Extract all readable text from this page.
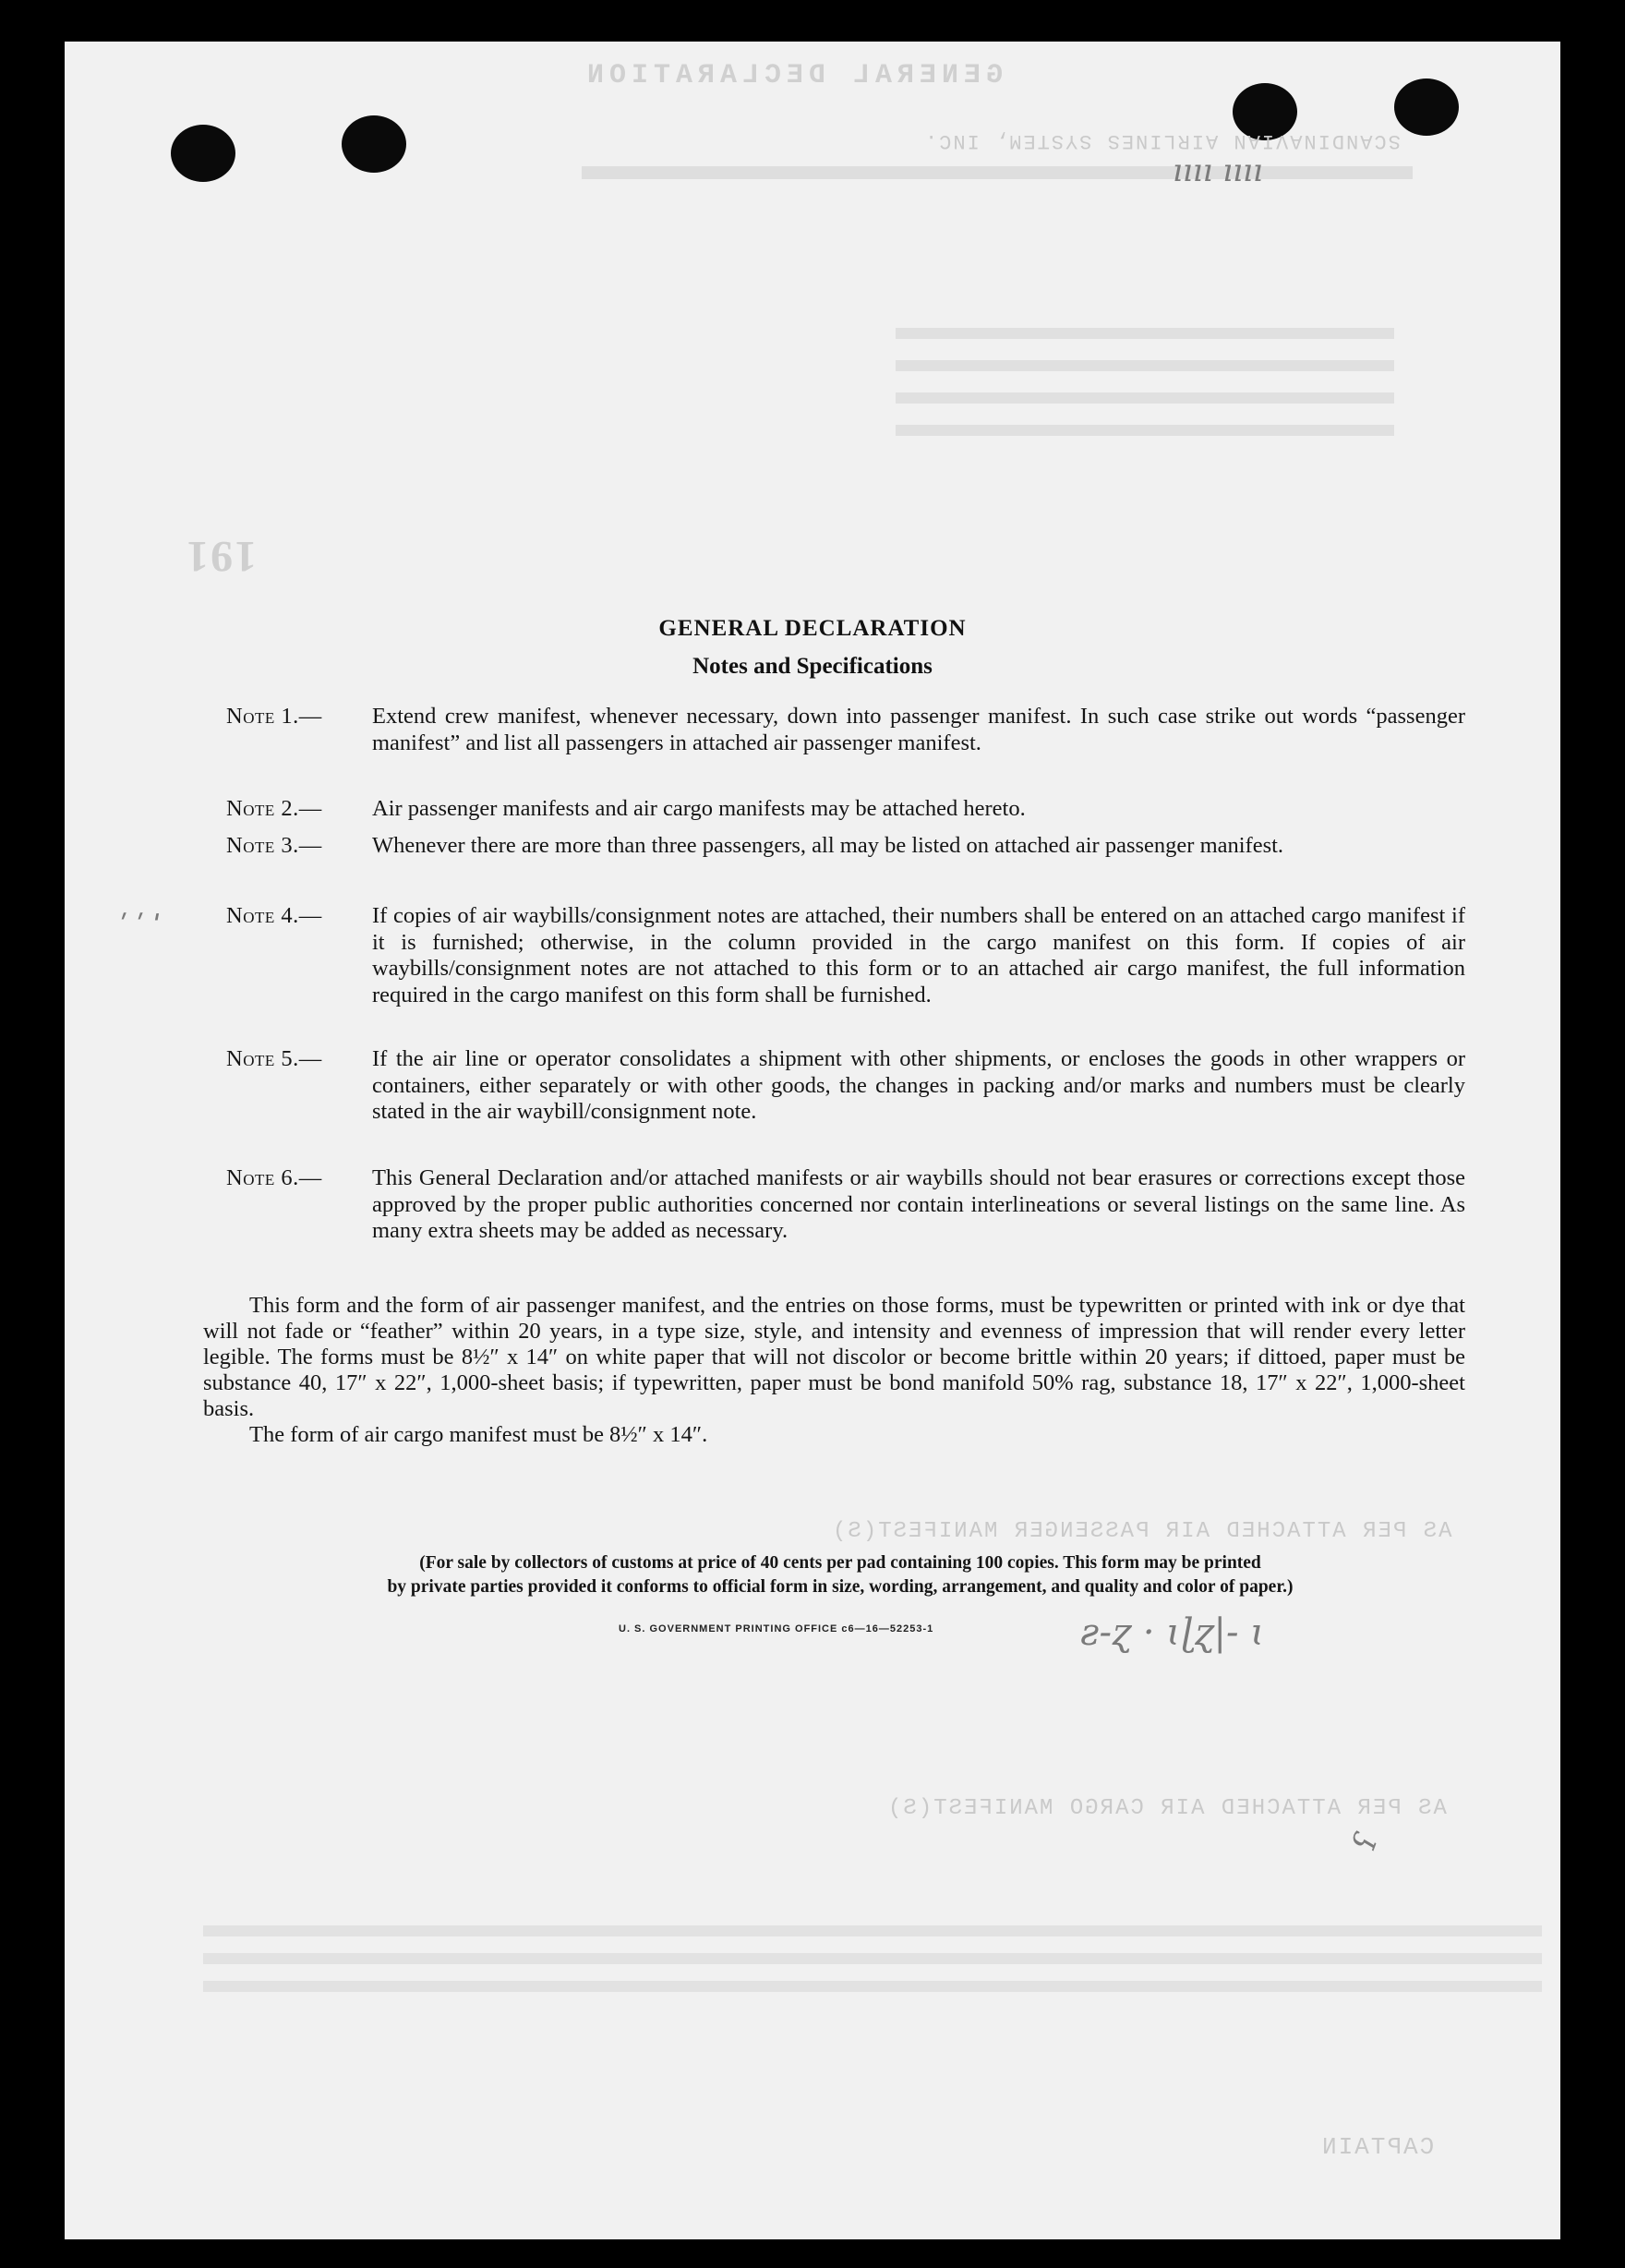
GENERAL DECLARATION
SCANDINAVIAN AIRLINES SYSTEM, INC.
191
AS PER ATTACHED AIR PASSENGER MANIFEST(S)
AS PER ATTACHED AIR CARGO MANIFEST(S)
CAPTAIN
ıııı ıııı
ʕ
ƨ-ɀ · ɩɭɀ|- ɩ
ʹ ʹ ˈ
GENERAL DECLARATION
Notes and Specifications
Note 1.— Extend crew manifest, whenever necessary, down into passenger manifest. In such case strike out words “passenger manifest” and list all passengers in attached air passenger manifest.
Note 2.— Air passenger manifests and air cargo manifests may be attached hereto.
Note 3.— Whenever there are more than three passengers, all may be listed on attached air passenger manifest.
Note 4.— If copies of air waybills/consignment notes are attached, their numbers shall be entered on an attached cargo manifest if it is furnished; otherwise, in the column provided in the cargo manifest on this form. If copies of air waybills/consignment notes are not attached to this form or to an attached air cargo manifest, the full information required in the cargo manifest on this form shall be furnished.
Note 5.— If the air line or operator consolidates a shipment with other shipments, or encloses the goods in other wrappers or containers, either separately or with other goods, the changes in packing and/or marks and numbers must be clearly stated in the air waybill/consignment note.
Note 6.— This General Declaration and/or attached manifests or air waybills should not bear erasures or corrections except those approved by the proper public authorities concerned nor contain interlineations or several listings on the same line. As many extra sheets may be added as necessary.

This form and the form of air passenger manifest, and the entries on those forms, must be typewritten or printed with ink or dye that will not fade or “feather” within 20 years, in a type size, style, and intensity and evenness of impression that will render every letter legible. The forms must be 8½″ x 14″ on white paper that will not discolor or become brittle within 20 years; if dittoed, paper must be substance 40, 17″ x 22″, 1,000-sheet basis; if typewritten, paper must be bond manifold 50% rag, substance 18, 17″ x 22″, 1,000-sheet basis.

The form of air cargo manifest must be 8½″ x 14″.

(For sale by collectors of customs at price of 40 cents per pad containing 100 copies. This form may be printed
by private parties provided it conforms to official form in size, wording, arrangement, and quality and color of paper.)
U. S. GOVERNMENT PRINTING OFFICE c6—16—52253-1
